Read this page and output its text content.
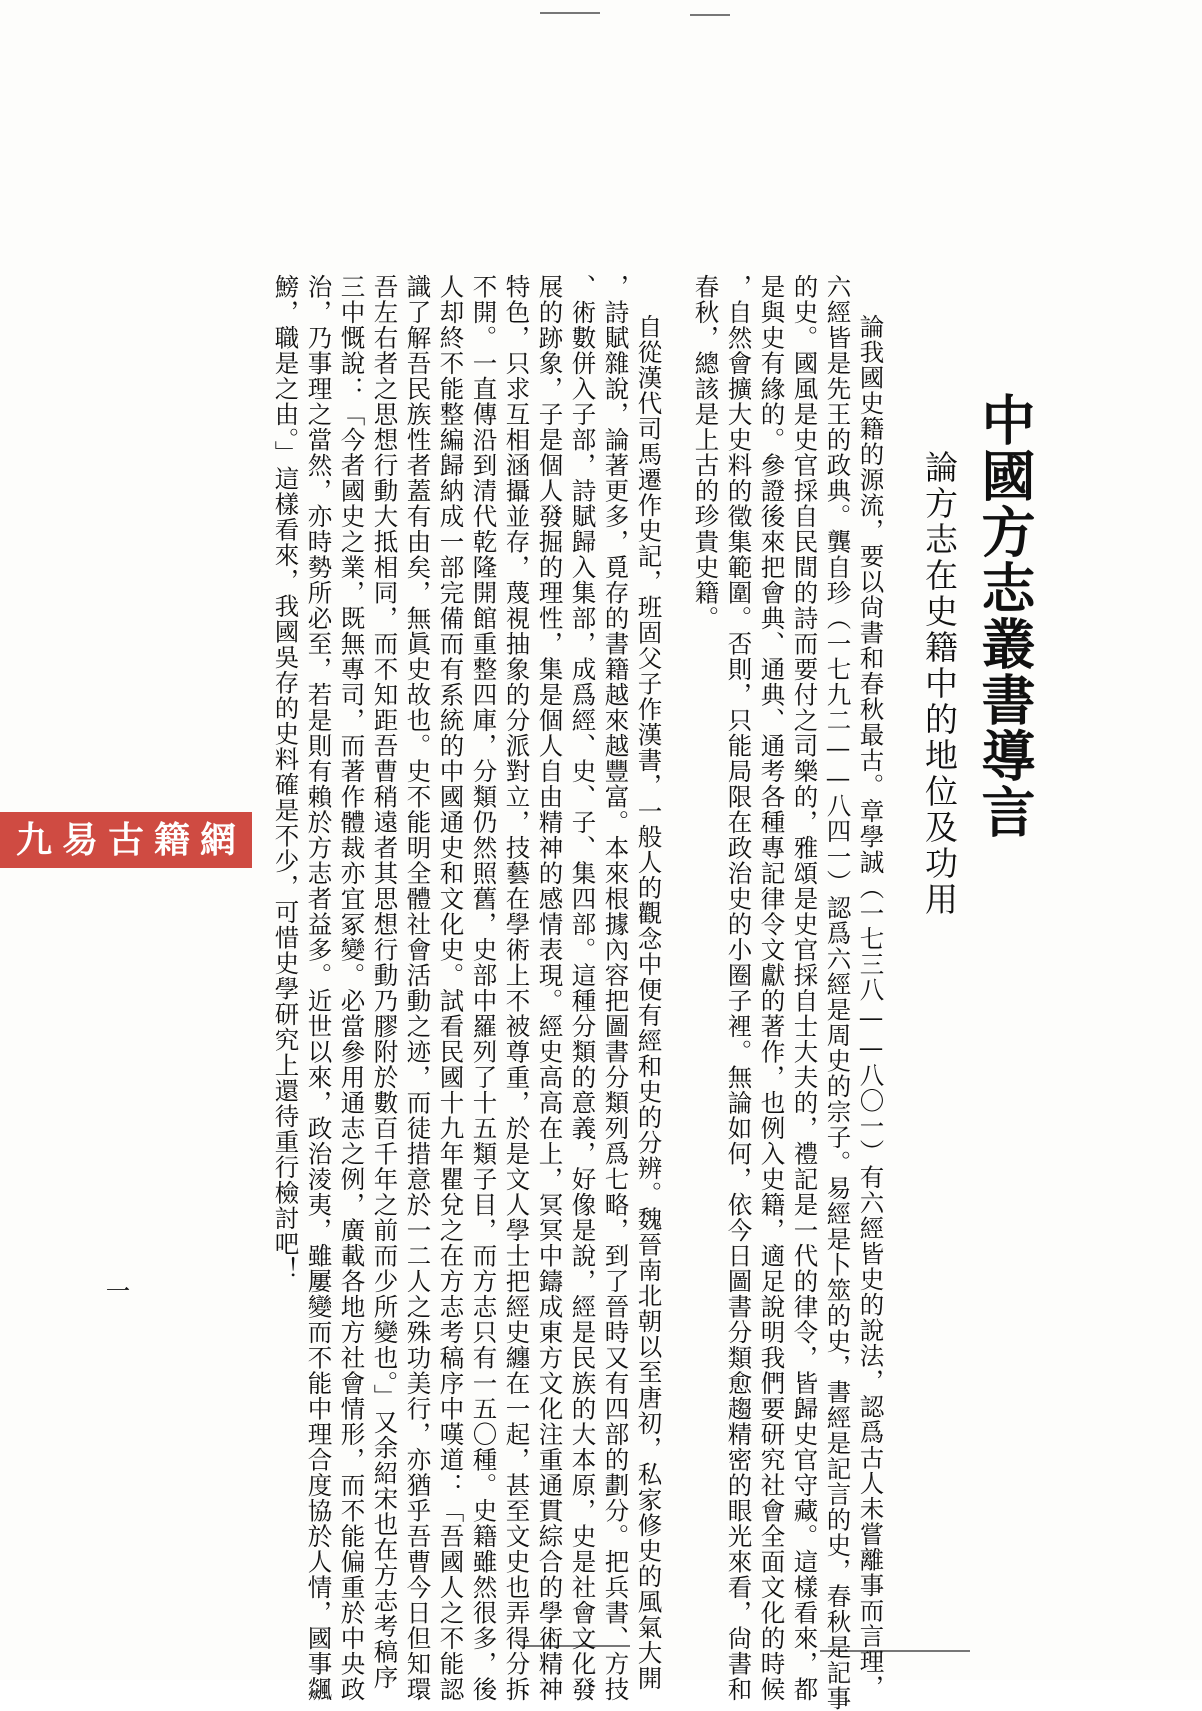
中國方志叢書導言
論方志在史籍中的地位及功用
論我國史籍的源流，要以尙書和春秋最古。章學誠（一七三八——八〇一）有六經皆史的說法，認爲古人未嘗離事而言理，
六經皆是先王的政典。龔自珍（一七九二——八四一）認爲六經是周史的宗子。易經是卜筮的史，書經是記言的史，春秋是記事
的史。國風是史官採自民間的詩而要付之司樂的，雅頌是史官採自士大夫的，禮記是一代的律令，皆歸史官守藏。這樣看來，都
是與史有緣的。參證後來把會典、通典、通考各種專記律令文獻的著作，也例入史籍，適足說明我們要研究社會全面文化的時候
，自然會擴大史料的徵集範圍。否則，只能局限在政治史的小圈子裡。無論如何，依今日圖書分類愈趨精密的眼光來看，尙書和
春秋，總該是上古的珍貴史籍。
自從漢代司馬遷作史記，班固父子作漢書，一般人的觀念中便有經和史的分辨。魏晉南北朝以至唐初，私家修史的風氣大開
，詩賦雜說，論著更多，覓存的書籍越來越豐富。本來根據內容把圖書分類列爲七略，到了晉時又有四部的劃分。把兵書、方技
、術數併入子部，詩賦歸入集部，成爲經、史、子、集四部。這種分類的意義，好像是說，經是民族的大本原，史是社會文化發
展的跡象，子是個人發掘的理性，集是個人自由精神的感情表現。經史高高在上，冥冥中鑄成東方文化注重通貫綜合的學術精神
特色，只求互相涵攝並存，蔑視抽象的分派對立，技藝在學術上不被尊重，於是文人學士把經史纏在一起，甚至文史也弄得分拆
不開。一直傳沿到清代乾隆開館重整四庫，分類仍然照舊，史部中羅列了十五類子目，而方志只有一五〇種。史籍雖然很多，後
人却終不能整編歸納成一部完備而有系統的中國通史和文化史。試看民國十九年瞿兌之在方志考稿序中嘆道：「吾國人之不能認
識了解吾民族性者蓋有由矣，無眞史故也。史不能明全體社會活動之迹，而徒措意於一二人之殊功美行，亦猶乎吾曹今日但知環
吾左右者之思想行動大抵相同，而不知距吾曹稍遠者其思想行動乃膠附於數百千年之前而少所變也。」又余紹宋也在方志考稿序
三中慨說：「今者國史之業，既無專司，而著作體裁亦宜冢變。必當參用通志之例，廣載各地方社會情形，而不能偏重於中央政
治，乃事理之當然，亦時勢所必至，若是則有賴於方志者益多。近世以來，政治淩夷，雖屢變而不能中理合度協於人情，國事飊
鰟，職是之由。」這樣看來，我國吳存的史料確是不少，可惜史學研究上還待重行檢討吧！
一
九易古籍網
